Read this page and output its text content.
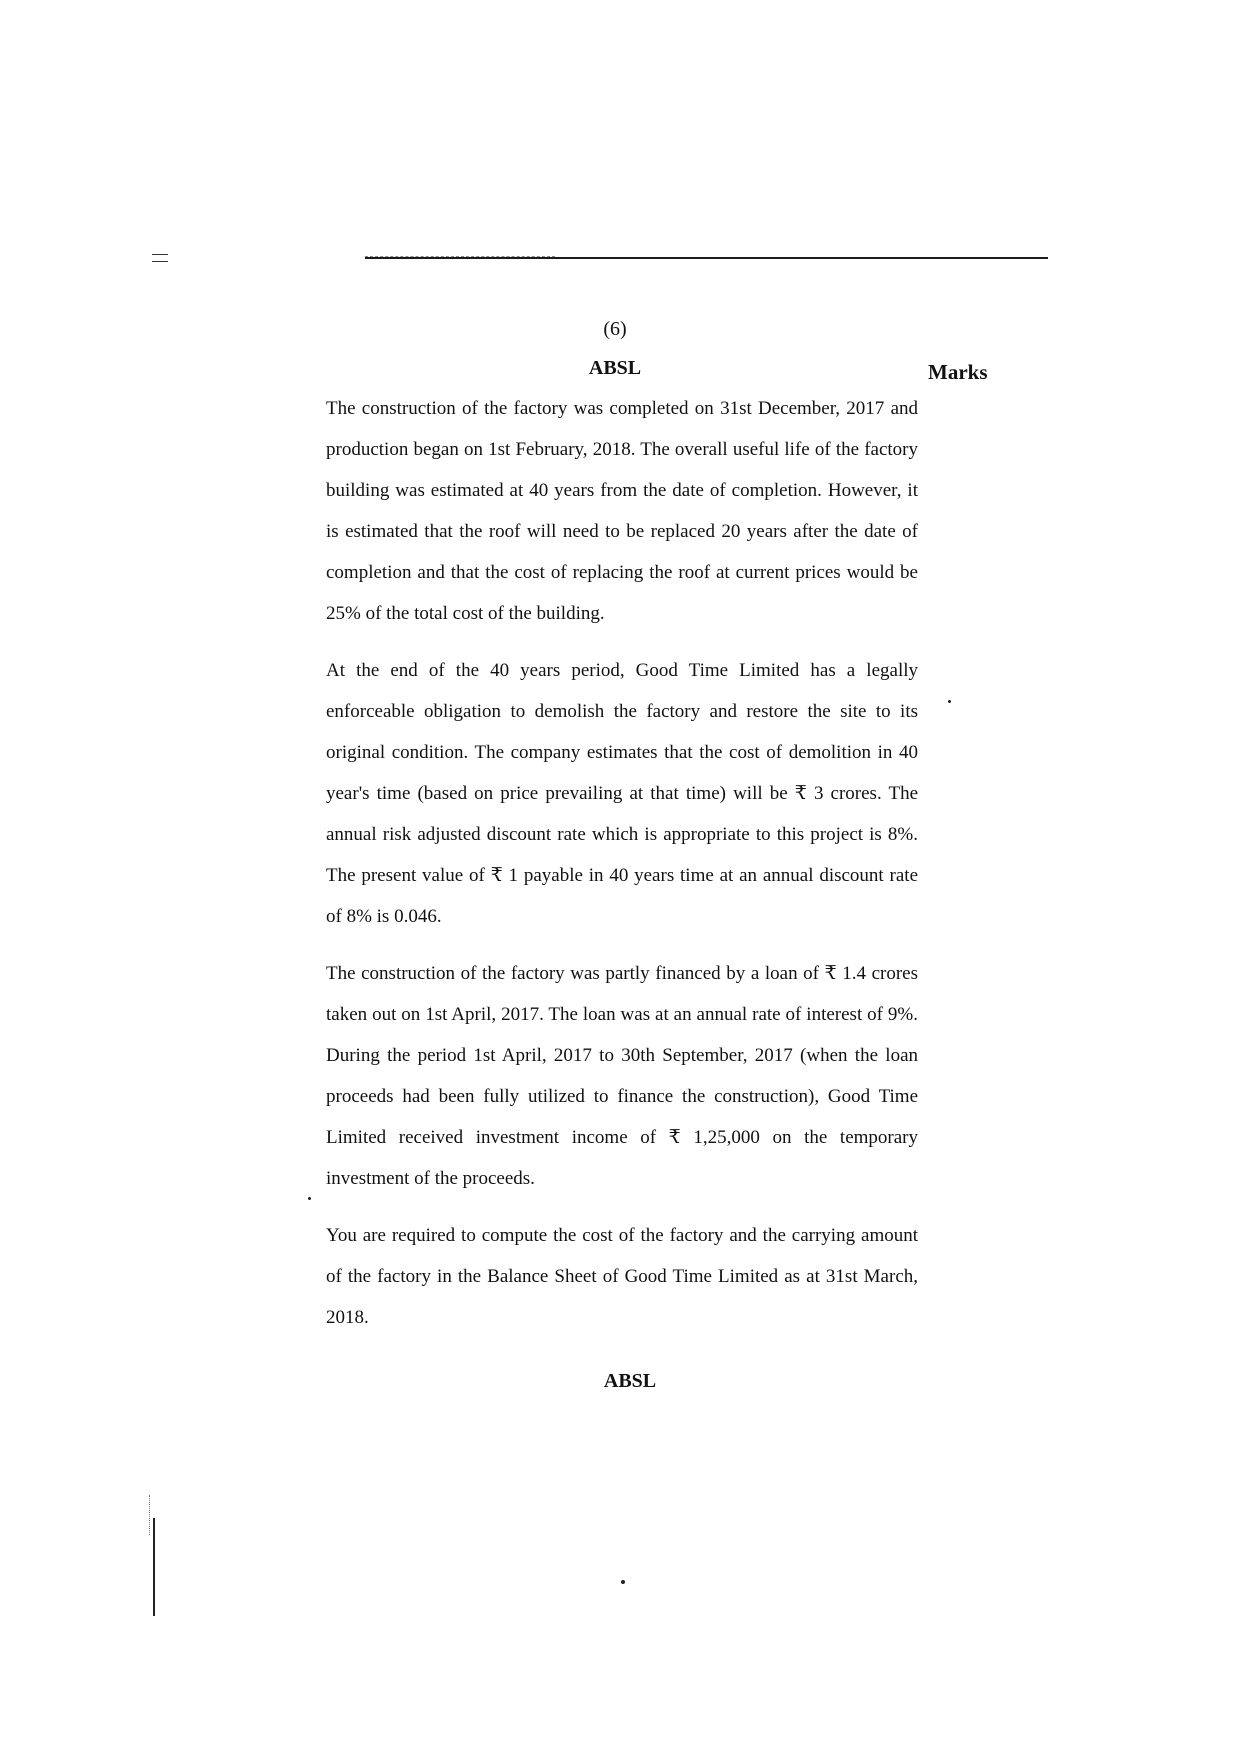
(6)
ABSL	Marks

The construction of the factory was completed on 31st December, 2017 and production began on 1st February, 2018. The overall useful life of the factory building was estimated at 40 years from the date of completion. However, it is estimated that the roof will need to be replaced 20 years after the date of completion and that the cost of replacing the roof at current prices would be 25% of the total cost of the building.

At the end of the 40 years period, Good Time Limited has a legally enforceable obligation to demolish the factory and restore the site to its original condition. The company estimates that the cost of demolition in 40 year's time (based on price prevailing at that time) will be ₹ 3 crores. The annual risk adjusted discount rate which is appropriate to this project is 8%. The present value of ₹ 1 payable in 40 years time at an annual discount rate of 8% is 0.046.

The construction of the factory was partly financed by a loan of ₹ 1.4 crores taken out on 1st April, 2017. The loan was at an annual rate of interest of 9%. During the period 1st April, 2017 to 30th September, 2017 (when the loan proceeds had been fully utilized to finance the construction), Good Time Limited received investment income of ₹ 1,25,000 on the temporary investment of the proceeds.

You are required to compute the cost of the factory and the carrying amount of the factory in the Balance Sheet of Good Time Limited as at 31st March, 2018.

ABSL
